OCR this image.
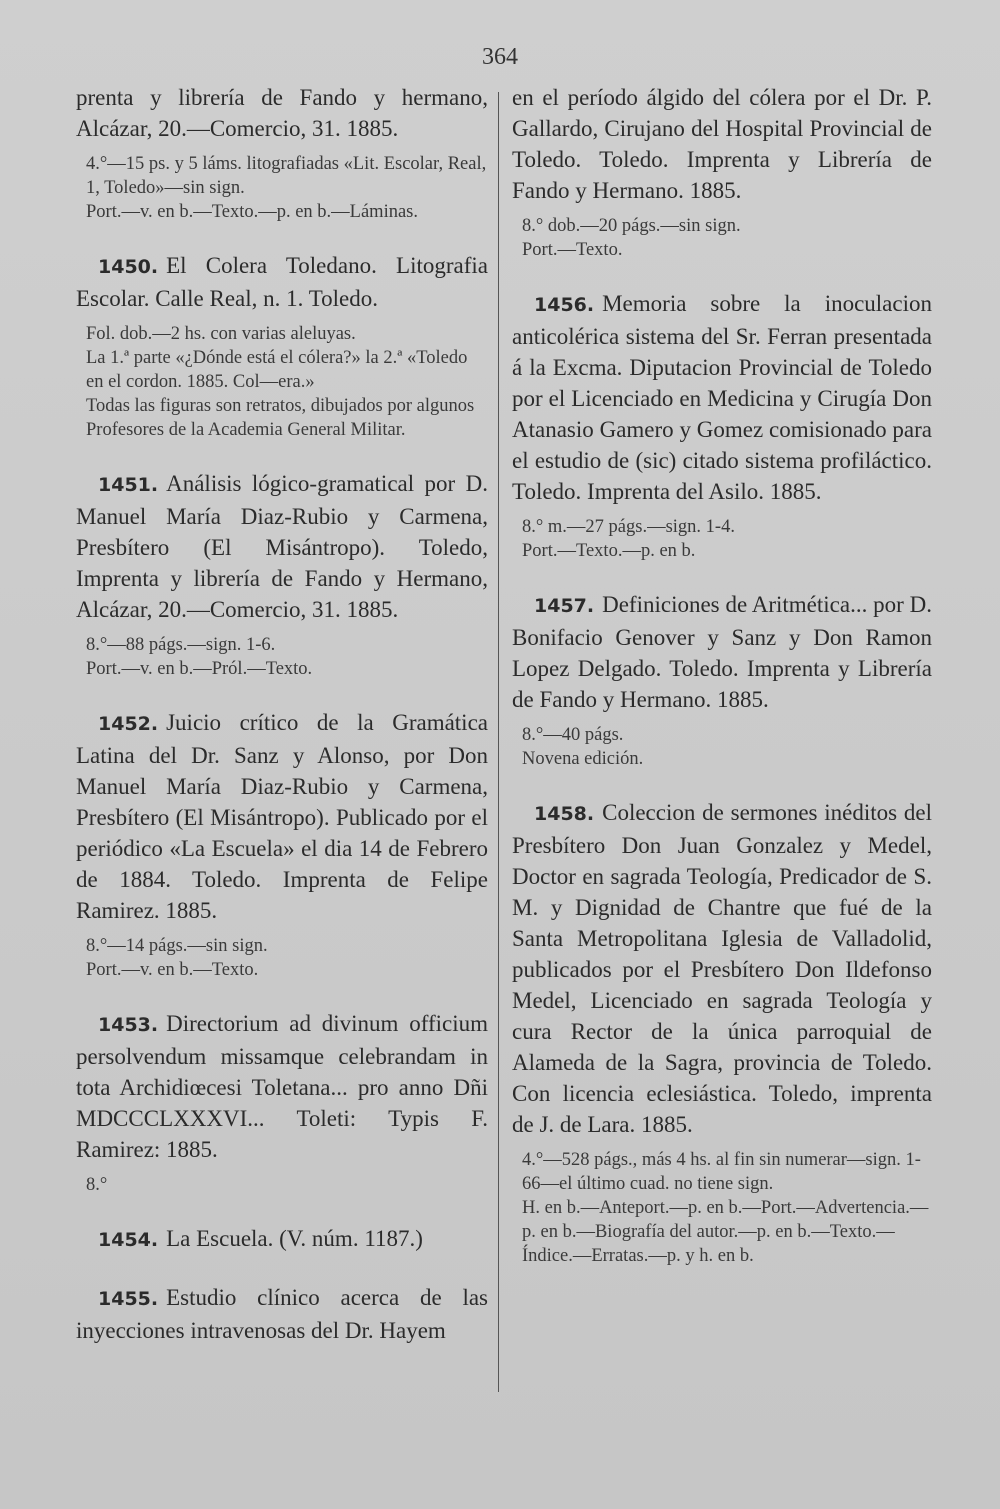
364

prenta y librería de Fando y hermano, Alcázar, 20.—Comercio, 31. 1885.

4.°—15 ps. y 5 láms. litografiadas «Lit. Escolar, Real, 1, Toledo»—sin sign.
Port.—v. en b.—Texto.—p. en b.—Láminas.

1450. El Colera Toledano. Litografia Escolar. Calle Real, n. 1. Toledo.

Fol. dob.—2 hs. con varias aleluyas.
La 1.ª parte «¿Dónde está el cólera?» la 2.ª «Toledo en el cordon. 1885. Col—era.»
Todas las figuras son retratos, dibujados por algunos Profesores de la Academia General Militar.

1451. Análisis lógico-gramatical por D. Manuel María Diaz-Rubio y Carmena, Presbítero (El Misántropo). Toledo, Imprenta y librería de Fando y Hermano, Alcázar, 20.—Comercio, 31. 1885.

8.°—88 págs.—sign. 1-6.
Port.—v. en b.—Pról.—Texto.

1452. Juicio crítico de la Gramática Latina del Dr. Sanz y Alonso, por Don Manuel María Diaz-Rubio y Carmena, Presbítero (El Misántropo). Publicado por el periódico «La Escuela» el dia 14 de Febrero de 1884. Toledo. Imprenta de Felipe Ramirez. 1885.

8.°—14 págs.—sin sign.
Port.—v. en b.—Texto.

1453. Directorium ad divinum officium persolvendum missamque celebrandam in tota Archidiœcesi Toletana... pro anno Dñi MDCCCLXXXVI... Toleti: Typis F. Ramirez: 1885.

8.°

1454. La Escuela. (V. núm. 1187.)

1455. Estudio clínico acerca de las inyecciones intravenosas del Dr. Hayem

en el período álgido del cólera por el Dr. P. Gallardo, Cirujano del Hospital Provincial de Toledo. Toledo. Imprenta y Librería de Fando y Hermano. 1885.

8.° dob.—20 págs.—sin sign.
Port.—Texto.

1456. Memoria sobre la inoculacion anticolérica sistema del Sr. Ferran presentada á la Excma. Diputacion Provincial de Toledo por el Licenciado en Medicina y Cirugía Don Atanasio Gamero y Gomez comisionado para el estudio de (sic) citado sistema profiláctico. Toledo. Imprenta del Asilo. 1885.

8.° m.—27 págs.—sign. 1-4.
Port.—Texto.—p. en b.

1457. Definiciones de Aritmética... por D. Bonifacio Genover y Sanz y Don Ramon Lopez Delgado. Toledo. Imprenta y Librería de Fando y Hermano. 1885.

8.°—40 págs.
Novena edición.

1458. Coleccion de sermones inéditos del Presbítero Don Juan Gonzalez y Medel, Doctor en sagrada Teología, Predicador de S. M. y Dignidad de Chantre que fué de la Santa Metropolitana Iglesia de Valladolid, publicados por el Presbítero Don Ildefonso Medel, Licenciado en sagrada Teología y cura Rector de la única parroquial de Alameda de la Sagra, provincia de Toledo. Con licencia eclesiástica. Toledo, imprenta de J. de Lara. 1885.

4.°—528 págs., más 4 hs. al fin sin numerar—sign. 1-66—el último cuad. no tiene sign.
H. en b.—Anteport.—p. en b.—Port.—Advertencia.—p. en b.—Biografía del autor.—p. en b.—Texto.—Índice.—Erratas.—p. y h. en b.
